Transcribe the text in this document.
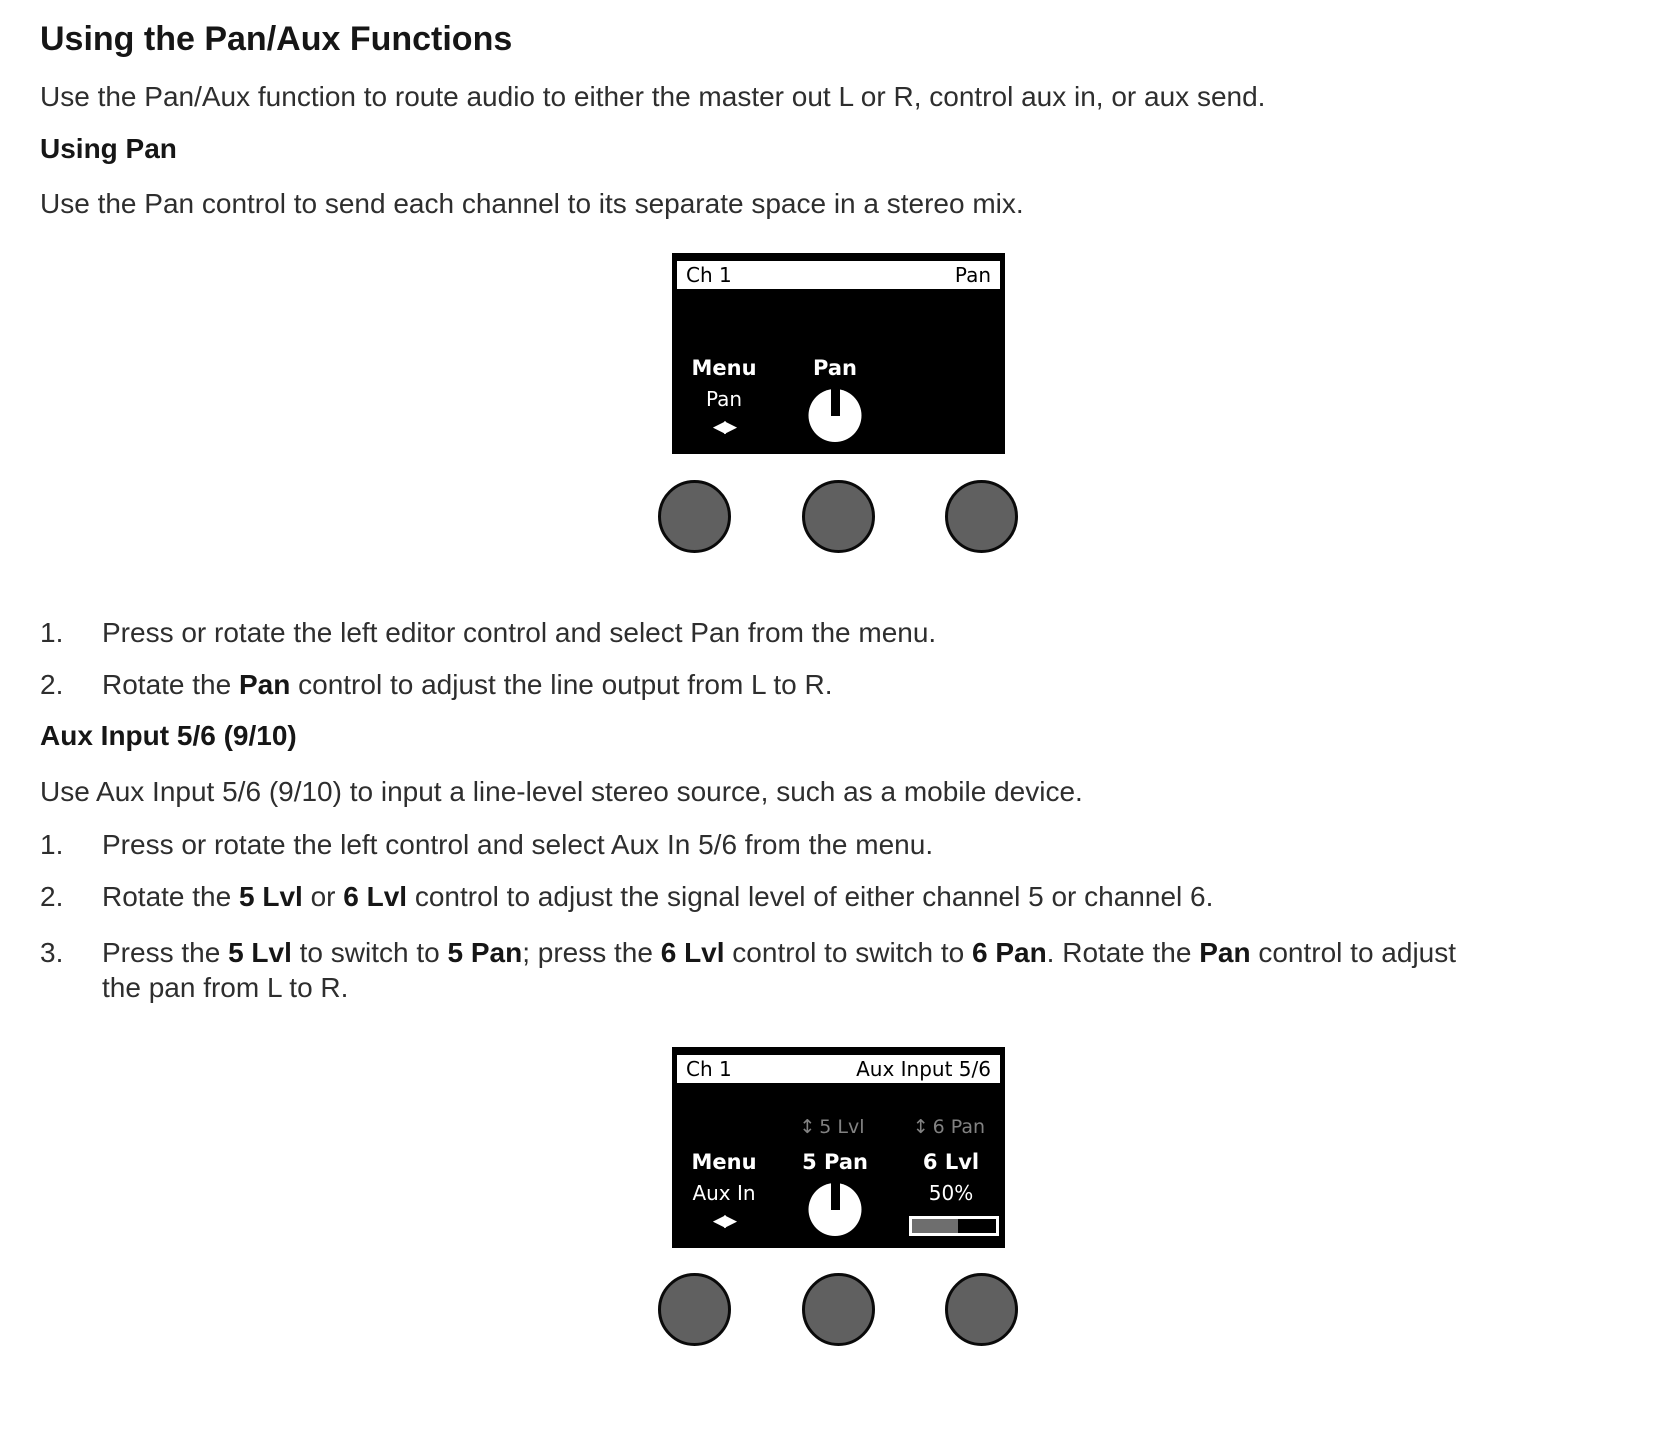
Using the Pan/Aux Functions

Use the Pan/Aux function to route audio to either the master out L or R, control aux in, or aux send.

Using Pan

Use the Pan control to send each channel to its separate space in a stereo mix.

Ch 1	Pan
Menu
Pan
◀▶
Pan
1.	Press or rotate the left editor control and select Pan from the menu.
2.	Rotate the Pan control to adjust the line output from L to R.
Aux Input 5/6 (9/10)

Use Aux Input 5/6 (9/10) to input a line-level stereo source, such as a mobile device.

1.	Press or rotate the left control and select Aux In 5/6 from the menu.
2.	Rotate the 5 Lvl or 6 Lvl control to adjust the signal level of either channel 5 or channel 6.
3.	Press the 5 Lvl to switch to 5 Pan; press the 6 Lvl control to switch to 6 Pan. Rotate the Pan control to adjust the pan from L to R.
Ch 1	Aux Input 5/6
↕  5 Lvl	↕  6 Pan
Menu 5 Pan	6 Lvl
Aux In	50%
◀▶
